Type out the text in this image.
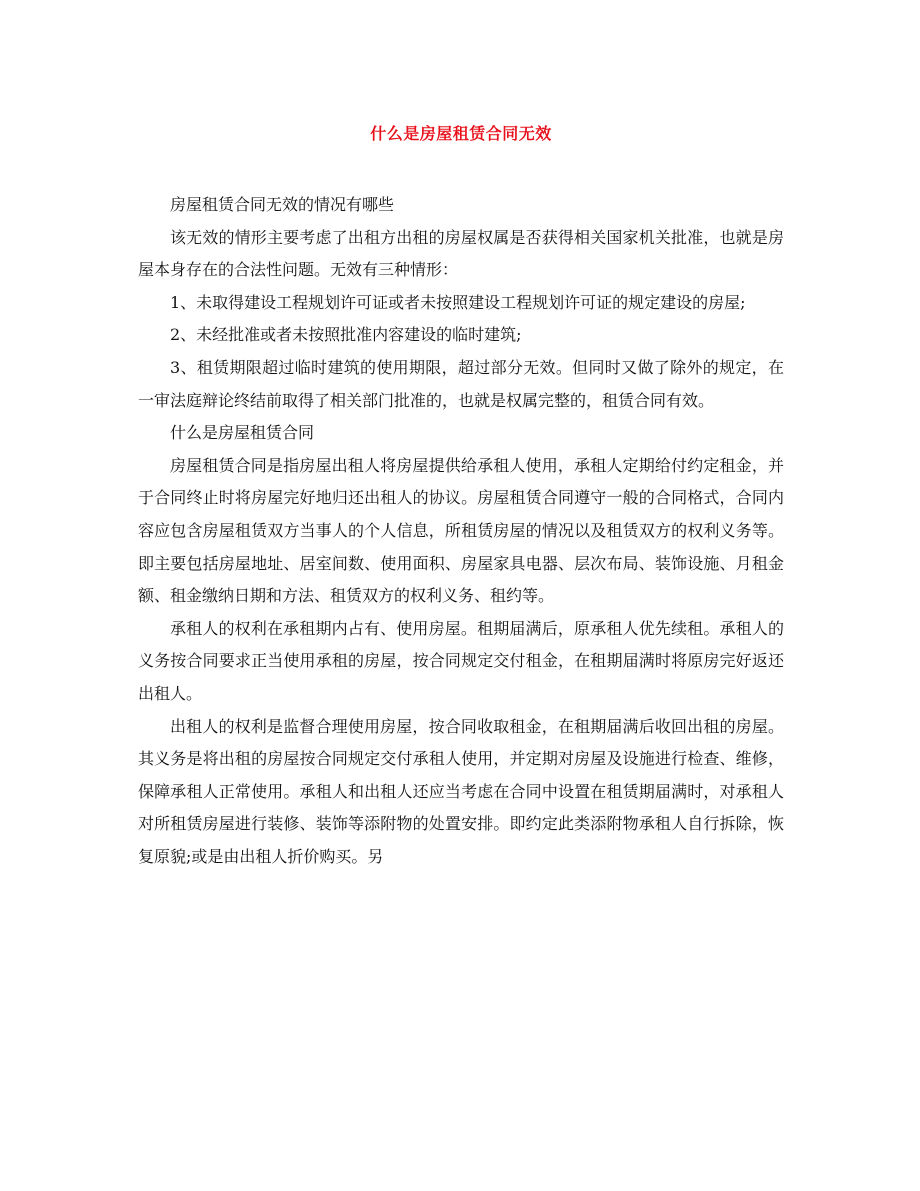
什么是房屋租赁合同无效

房屋租赁合同无效的情况有哪些

该无效的情形主要考虑了出租方出租的房屋权属是否获得相关国家机关批准，也就是房屋本身存在的合法性问题。无效有三种情形：

1、未取得建设工程规划许可证或者未按照建设工程规划许可证的规定建设的房屋;

2、未经批准或者未按照批准内容建设的临时建筑;

3、租赁期限超过临时建筑的使用期限，超过部分无效。但同时又做了除外的规定，在一审法庭辩论终结前取得了相关部门批准的，也就是权属完整的，租赁合同有效。

什么是房屋租赁合同

房屋租赁合同是指房屋出租人将房屋提供给承租人使用，承租人定期给付约定租金，并于合同终止时将房屋完好地归还出租人的协议。房屋租赁合同遵守一般的合同格式，合同内容应包含房屋租赁双方当事人的个人信息，所租赁房屋的情况以及租赁双方的权利义务等。即主要包括房屋地址、居室间数、使用面积、房屋家具电器、层次布局、装饰设施、月租金额、租金缴纳日期和方法、租赁双方的权利义务、租约等。

承租人的权利在承租期内占有、使用房屋。租期届满后，原承租人优先续租。承租人的义务按合同要求正当使用承租的房屋，按合同规定交付租金，在租期届满时将原房完好返还出租人。

出租人的权利是监督合理使用房屋，按合同收取租金，在租期届满后收回出租的房屋。其义务是将出租的房屋按合同规定交付承租人使用，并定期对房屋及设施进行检查、维修，保障承租人正常使用。承租人和出租人还应当考虑在合同中设置在租赁期届满时，对承租人对所租赁房屋进行装修、装饰等添附物的处置安排。即约定此类添附物承租人自行拆除，恢复原貌;或是由出租人折价购买。另
